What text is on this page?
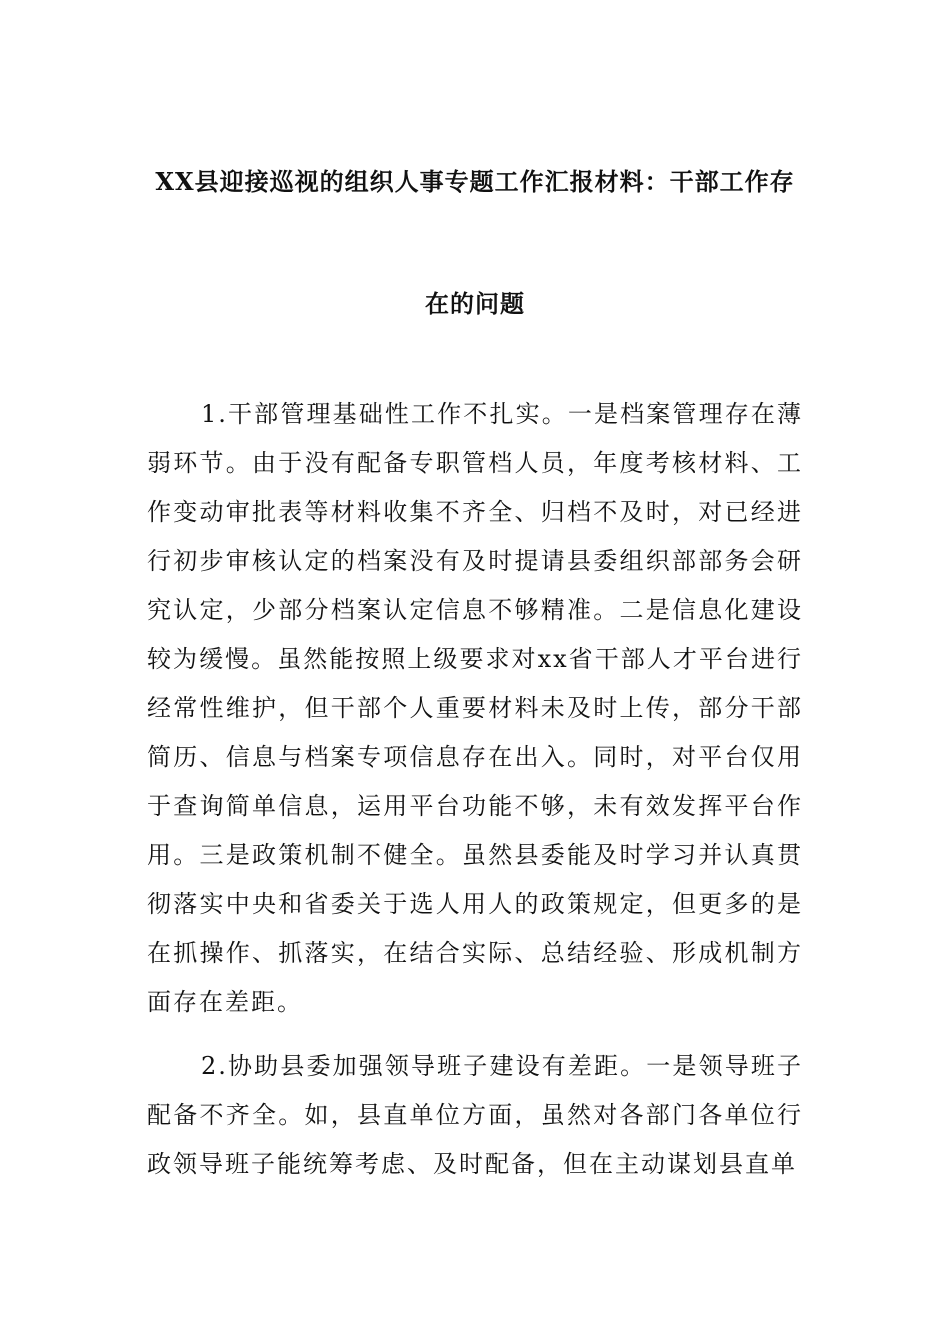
XX县迎接巡视的组织人事专题工作汇报材料：干部工作存
在的问题

1.干部管理基础性工作不扎实。一是档案管理存在薄弱环节。由于没有配备专职管档人员，年度考核材料、工作变动审批表等材料收集不齐全、归档不及时，对已经进行初步审核认定的档案没有及时提请县委组织部部务会研究认定，少部分档案认定信息不够精准。二是信息化建设较为缓慢。虽然能按照上级要求对xx省干部人才平台进行经常性维护，但干部个人重要材料未及时上传，部分干部简历、信息与档案专项信息存在出入。同时，对平台仅用于查询简单信息，运用平台功能不够，未有效发挥平台作用。三是政策机制不健全。虽然县委能及时学习并认真贯彻落实中央和省委关于选人用人的政策规定，但更多的是在抓操作、抓落实，在结合实际、总结经验、形成机制方面存在差距。

2.协助县委加强领导班子建设有差距。一是领导班子配备不齐全。如，县直单位方面，虽然对各部门各单位行政领导班子能统筹考虑、及时配备，但在主动谋划县直单
